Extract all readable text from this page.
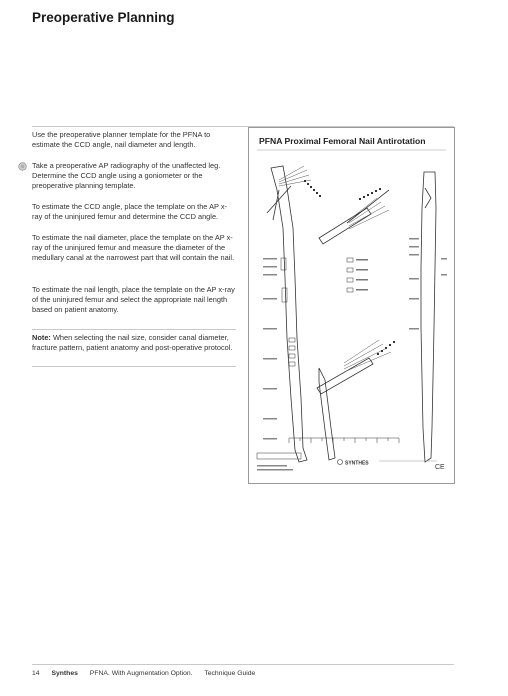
Preoperative Planning
Use the preoperative planner template for the PFNA to estimate the CCD angle, nail diameter and length.
Take a preoperative AP radiography of the unaffected leg. Determine the CCD angle using a goniometer or the preoperative planning template.
To estimate the CCD angle, place the template on the AP x-ray of the uninjured femur and determine the CCD angle.
To estimate the nail diameter, place the template on the AP x-ray of the uninjured femur and measure the diameter of the medullary canal at the narrowest part that will contain the nail.
To estimate the nail length, place the template on the AP x-ray of the uninjured femur and select the appropriate nail length based on patient anatomy.
Note: When selecting the nail size, consider canal diameter, fracture pattern, patient anatomy and post-operative protocol.
PFNA Proximal Femoral Nail Antirotation
SYNTHES
CE
14 Synthes PFNA. With Augmentation Option. Technique Guide
